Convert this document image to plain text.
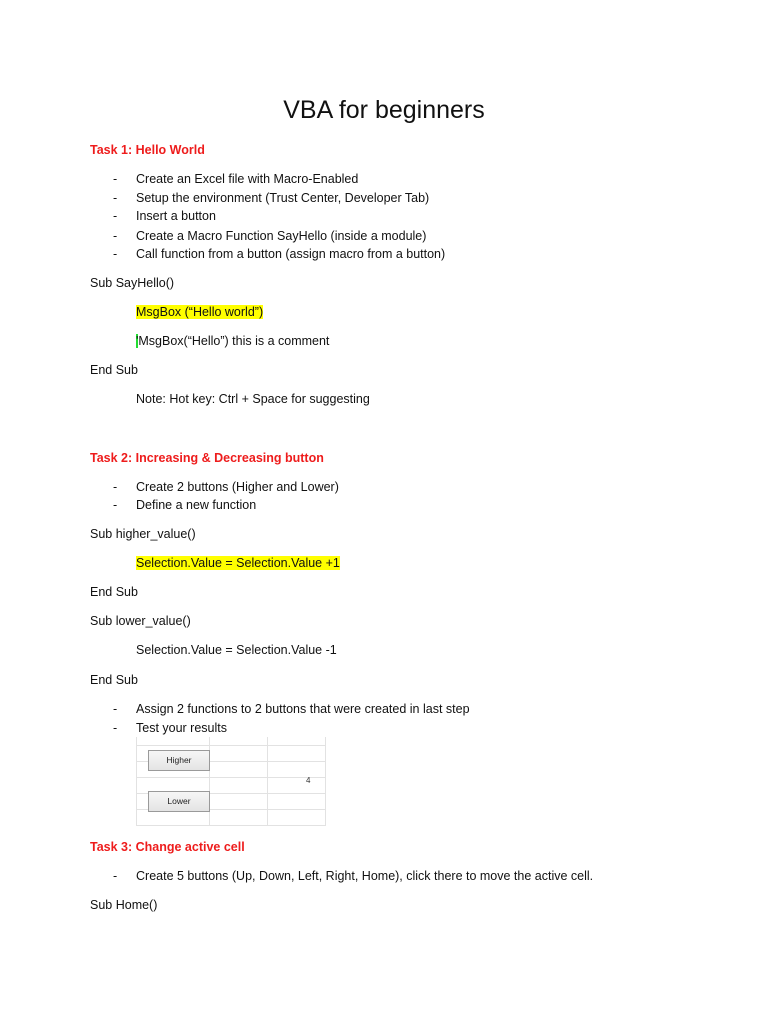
VBA for beginners
Task 1: Hello World
- Create an Excel file with Macro-Enabled
- Setup the environment (Trust Center, Developer Tab)
- Insert a button
- Create a Macro Function SayHello (inside a module)
- Call function from a button (assign macro from a button)
Sub SayHello()
MsgBox (“Hello world”)
'MsgBox(“Hello”) this is a comment
End Sub
Note: Hot key: Ctrl + Space for suggesting
Task 2: Increasing & Decreasing button
- Create 2 buttons (Higher and Lower)
- Define a new function
Sub higher_value()
Selection.Value = Selection.Value +1
End Sub
Sub lower_value()
Selection.Value = Selection.Value -1
End Sub
- Assign 2 functions to 2 buttons that were created in last step
- Test your results
Higher
Lower
4
Task 3: Change active cell
- Create 5 buttons (Up, Down, Left, Right, Home), click there to move the active cell.
Sub Home()
